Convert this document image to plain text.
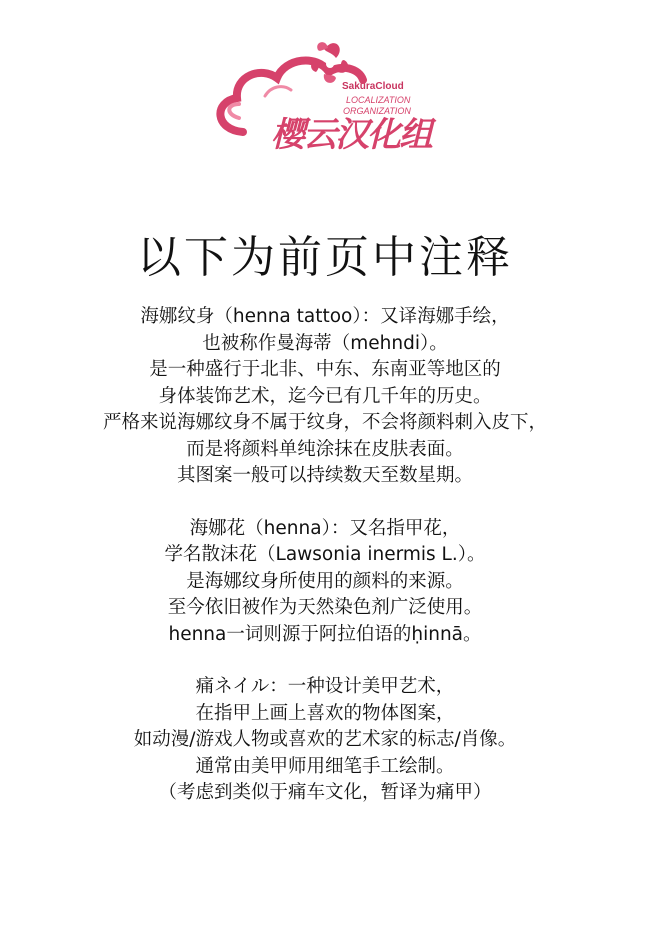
SakuraCloud
LOCALIZATION
ORGANIZATION
樱云汉化组
以下为前页中注释
海娜纹身（henna tattoo）：又译海娜手绘，
也被称作曼海蒂（mehndi）。
是一种盛行于北非、中东、东南亚等地区的
身体装饰艺术，迄今已有几千年的历史。
严格来说海娜纹身不属于纹身，不会将颜料刺入皮下，
而是将颜料单纯涂抹在皮肤表面。
其图案一般可以持续数天至数星期。
海娜花（henna）：又名指甲花，
学名散沫花（Lawsonia inermis L.）。
是海娜纹身所使用的颜料的来源。
至今依旧被作为天然染色剂广泛使用。
henna一词则源于阿拉伯语的ḥinnā。
痛ネイル：一种设计美甲艺术，
在指甲上画上喜欢的物体图案，
如动漫/游戏人物或喜欢的艺术家的标志/肖像。
通常由美甲师用细笔手工绘制。
（考虑到类似于痛车文化，暂译为痛甲）
